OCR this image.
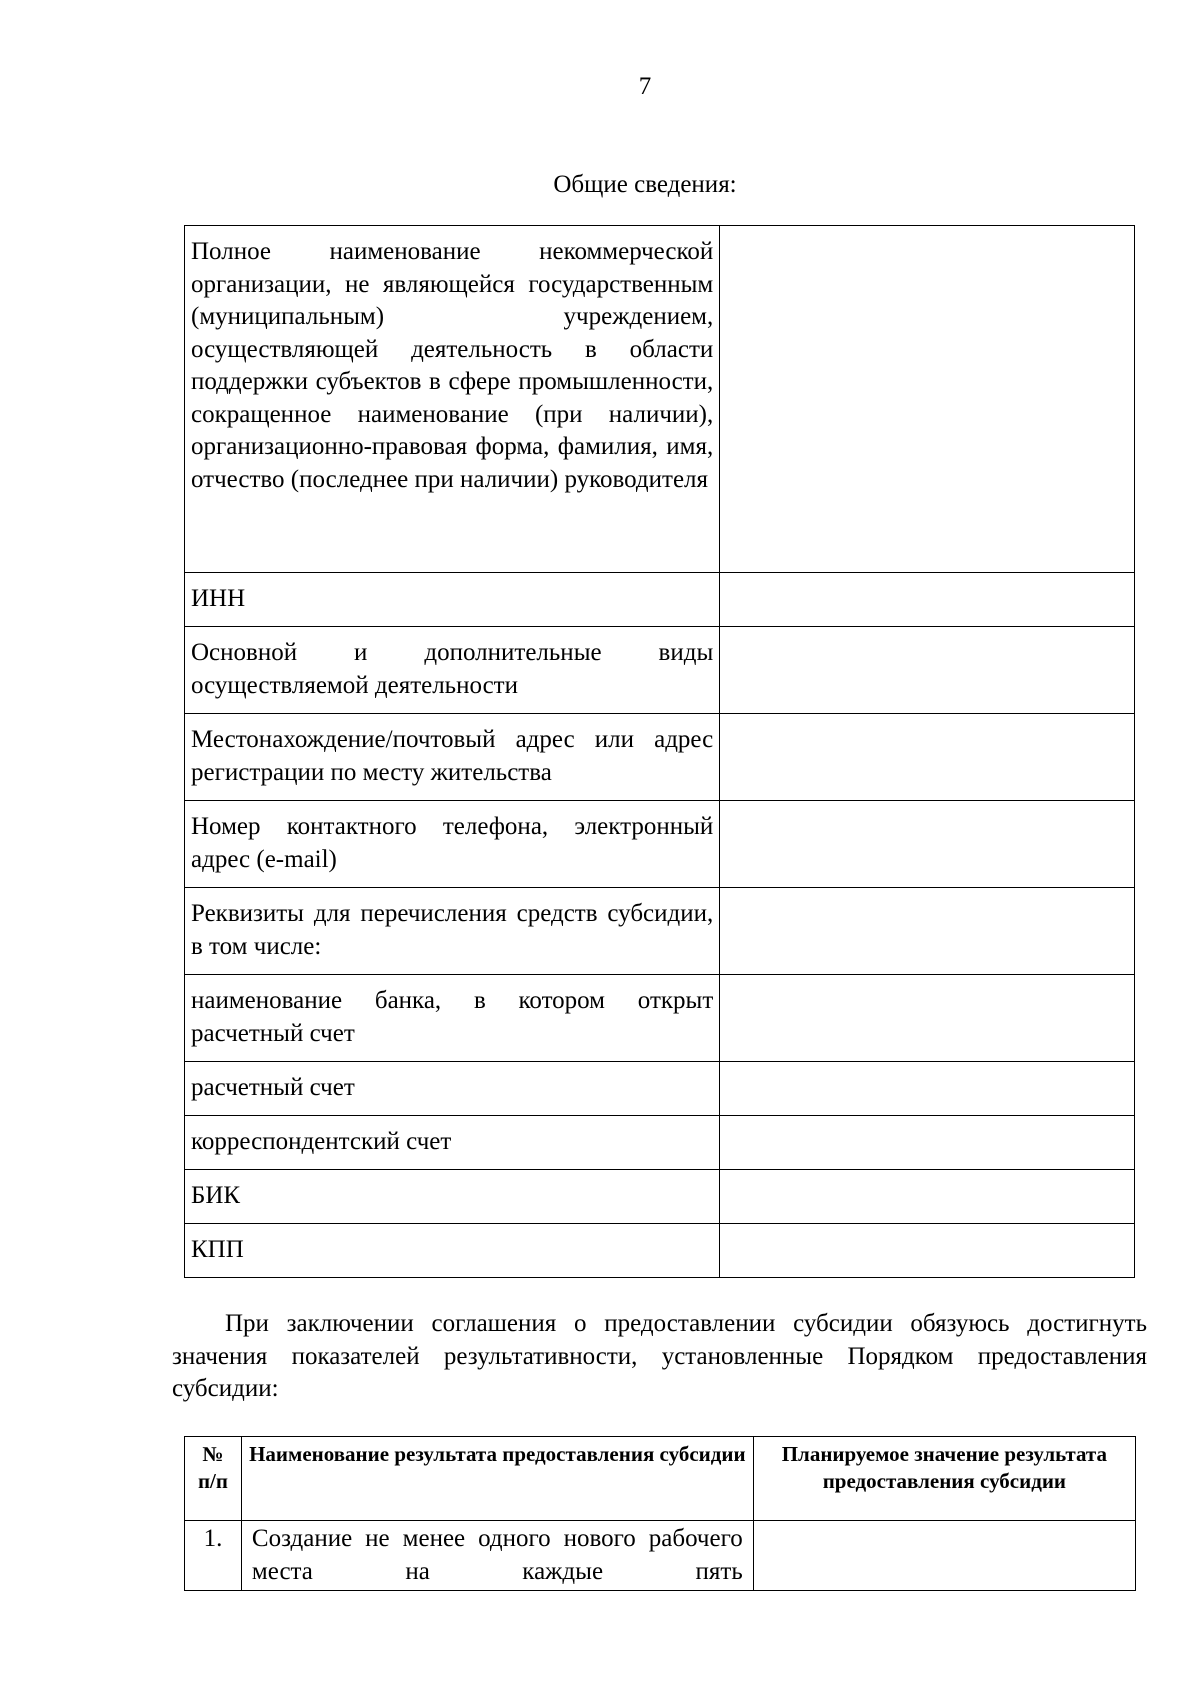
7
Общие сведения:
Полное наименование некоммерческой организации, не являющейся государственным (муниципальным) учреждением, осуществляющей деятельность в области поддержки субъектов в сфере промышленности, сокращенное наименование (при наличии), организационно-правовая форма, фамилия, имя, отчество (последнее при наличии) руководителя	
ИНН	
Основной и дополнительные виды осуществляемой деятельности	
Местонахождение/почтовый адрес или адрес регистрации по месту жительства	
Номер контактного телефона, электронный адрес (e-mail)	
Реквизиты для перечисления средств субсидии, в том числе:	
наименование банка, в котором открыт расчетный счет	
расчетный счет	
корреспондентский счет	
БИК	
КПП	

При заключении соглашения о предоставлении субсидии обязуюсь достигнуть значения показателей результативности, установленные Порядком предоставления субсидии:

№ п/п	Наименование результата предоставления субсидии	Планируемое значение результата предоставления субсидии
1.	Создание не менее одного нового рабочего места на каждые пять	
